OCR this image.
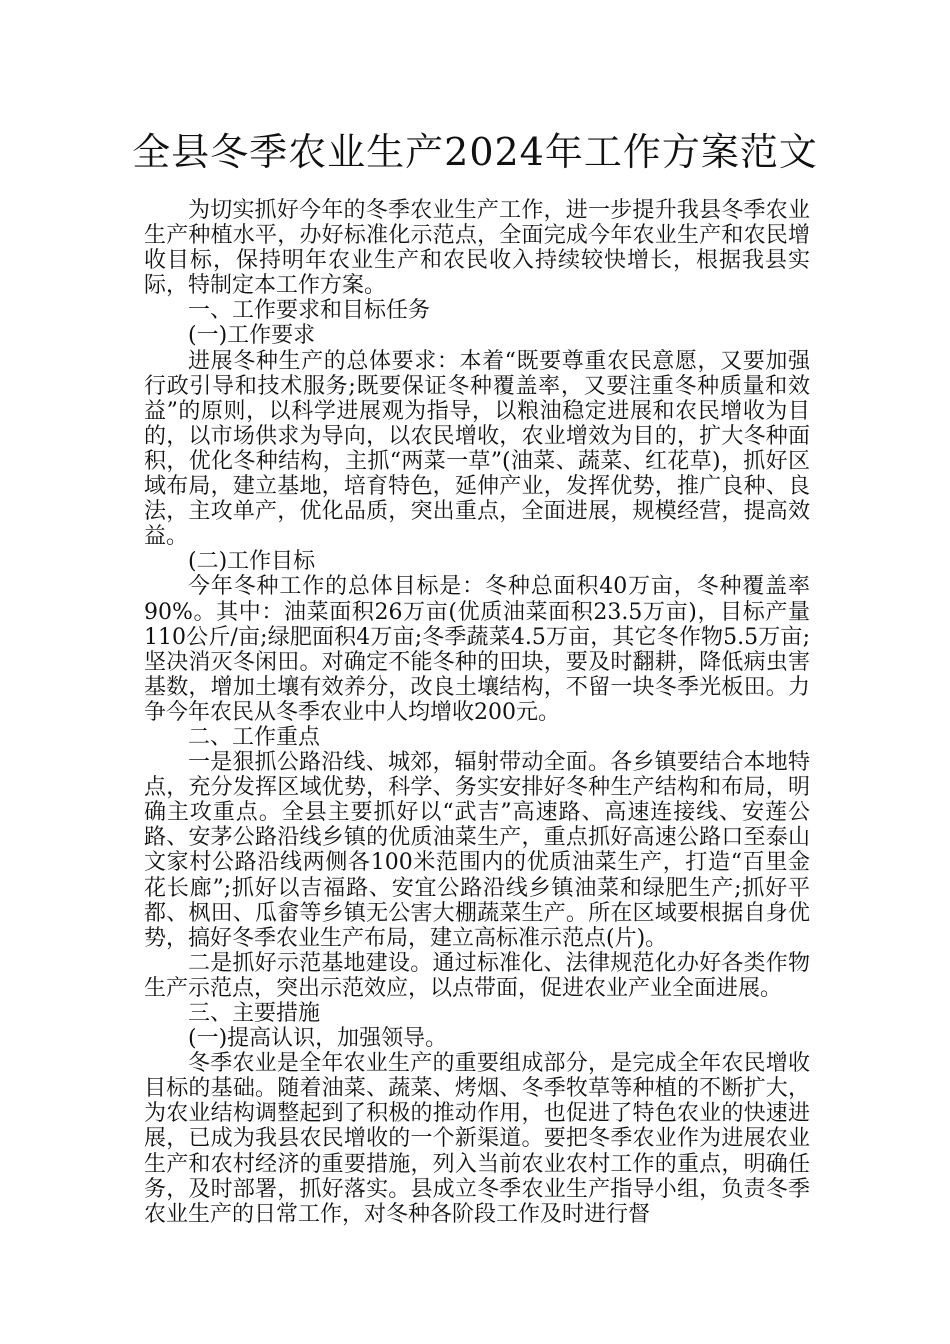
全县冬季农业生产2024年工作方案范文

为切实抓好今年的冬季农业生产工作，进一步提升我县冬季农业生产种植水平，办好标准化示范点，全面完成今年农业生产和农民增收目标，保持明年农业生产和农民收入持续较快增长，根据我县实际，特制定本工作方案。

一、工作要求和目标任务

(一)工作要求

进展冬种生产的总体要求：本着“既要尊重农民意愿，又要加强行政引导和技术服务;既要保证冬种覆盖率，又要注重冬种质量和效益”的原则，以科学进展观为指导，以粮油稳定进展和农民增收为目的，以市场供求为导向，以农民增收，农业增效为目的，扩大冬种面积，优化冬种结构，主抓“两菜一草”(油菜、蔬菜、红花草)，抓好区域布局，建立基地，培育特色，延伸产业，发挥优势，推广良种、良法，主攻单产，优化品质，突出重点，全面进展，规模经营，提高效益。

(二)工作目标

今年冬种工作的总体目标是：冬种总面积40万亩，冬种覆盖率90%。其中：油菜面积26万亩(优质油菜面积23.5万亩)，目标产量110公斤/亩;绿肥面积4万亩;冬季蔬菜4.5万亩，其它冬作物5.5万亩;坚决消灭冬闲田。对确定不能冬种的田块，要及时翻耕，降低病虫害基数，增加土壤有效养分，改良土壤结构，不留一块冬季光板田。力争今年农民从冬季农业中人均增收200元。

二、工作重点

一是狠抓公路沿线、城郊，辐射带动全面。各乡镇要结合本地特点，充分发挥区域优势，科学、务实安排好冬种生产结构和布局，明确主攻重点。全县主要抓好以“武吉”高速路、高速连接线、安莲公路、安茅公路沿线乡镇的优质油菜生产，重点抓好高速公路口至泰山文家村公路沿线两侧各100米范围内的优质油菜生产，打造“百里金花长廊”;抓好以吉福路、安宜公路沿线乡镇油菜和绿肥生产;抓好平都、枫田、瓜畲等乡镇无公害大棚蔬菜生产。所在区域要根据自身优势，搞好冬季农业生产布局，建立高标准示范点(片)。

二是抓好示范基地建设。通过标准化、法律规范化办好各类作物生产示范点，突出示范效应，以点带面，促进农业产业全面进展。

三、主要措施

(一)提高认识，加强领导。

冬季农业是全年农业生产的重要组成部分，是完成全年农民增收目标的基础。随着油菜、蔬菜、烤烟、冬季牧草等种植的不断扩大，为农业结构调整起到了积极的推动作用，也促进了特色农业的快速进展，已成为我县农民增收的一个新渠道。要把冬季农业作为进展农业生产和农村经济的重要措施，列入当前农业农村工作的重点，明确任务，及时部署，抓好落实。县成立冬季农业生产指导小组，负责冬季农业生产的日常工作，对冬种各阶段工作及时进行督
